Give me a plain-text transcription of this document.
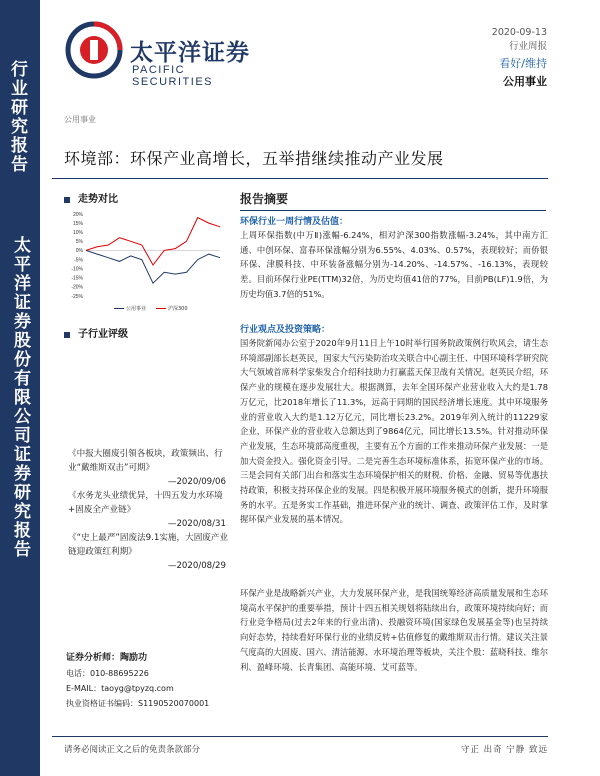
行业研究报告
太平洋证券股份有限公司证券研究报告
太平洋证券
PACIFIC SECURITIES
2020-09-13
行业周报
看好/维持
公用事业
公用事业
环境部：环保产业高增长，五举措继续推动产业发展
走势对比
20%
15%
10%
5%
0%
-5%
-10%
-15%
-20%
-25%
公用事业	沪深300
子行业评级
《中报大圈废引領各板块，政策频出、行业“戴维斯双击”可期》
—2020/09/06
《水务龙头业绩优异，十四五发力水环境+固废全产业链》
—2020/08/31
《“史上最严”固废法9.1实施，大固废产业链迎政策红利期》
—2020/08/29
证券分析师：陶励功
电话：010-88695226
E-MAIL：taoyg@tpyzq.com
执业资格证书编码：S1190520070001
报告摘要
环保行业一周行情及估值：
上周环保指数(中万Ⅱ)涨幅-6.24%，相对沪深300指数涨幅-3.24%，其中南方汇通、中创环保、富春环保涨幅分别为6.55%、4.03%、0.57%，表现较好；而侨银环保、津膜科技、中环装备涨幅分别为-14.20%、-14.57%、-16.13%，表现较差。目前环保行业PE(TTM)32倍，为历史均值41倍的77%，目前PB(LF)1.9倍，为历史均值3.7倍的51%。
行业观点及投资策略：
国务院新闻办公室于2020年9月11日上午10时举行国务院政策例行吹风会，请生态环境部副部长赵英民，国家大气污染防治攻关联合中心副主任、中国环境科学研究院大气领域首席科学家柴发合介绍科技助力打赢蓝天保卫战有关情况。赵英民介绍，环保产业的规模在逐步发展壮大。根据测算，去年全国环保产业营业收入大约是1.78万亿元，比2018年增长了11.3%，远高于同期的国民经济增长速度。其中环境服务业的营业收入大约是1.12万亿元，同比增长23.2%。2019年列入统计的11229家企业，环保产业的营业收入总额达到了9864亿元，同比增长13.5%。针对推动环保产业发展，生态环境部高度重视，主要有五个方面的工作来推动环保产业发展：一是加大资金投入。强化资金引导。二是完善生态环境标准体系，拓宽环保产业的市场。三是会同有关部门出台和落实生态环境保护相关的财税、价格、金融、贸易等优惠扶持政策，积极支持环保企业的发展。四是积极开展环境服务模式的创新，提升环境服务的水平。五是务实工作基础，推进环保产业的统计、调查、政策评估工作，及时掌握环保产业发展的基本情况。
环保产业是战略新兴产业，大力发展环保产业，是我国统筹经济高质量发展和生态环境高水平保护的重要举措，预计十四五相关规划将陆续出台，政策环境持续向好；而行业竞争格局(过去2年来的行业出清)、投融资环境(国家绿色发展基金等)也呈持续向好态势，持续看好环保行业的业绩反转+估值修复的戴维斯双击行情。建议关注景气度高的大固废、国六、清洁能源、水环境治理等板块，关注个股：蓝晓科技、维尔利、盈峰环境、长青集团、高能环境、艾可蓝等。
请务必阅读正文之后的免责条款部分	守正 出奇 宁静 致远
